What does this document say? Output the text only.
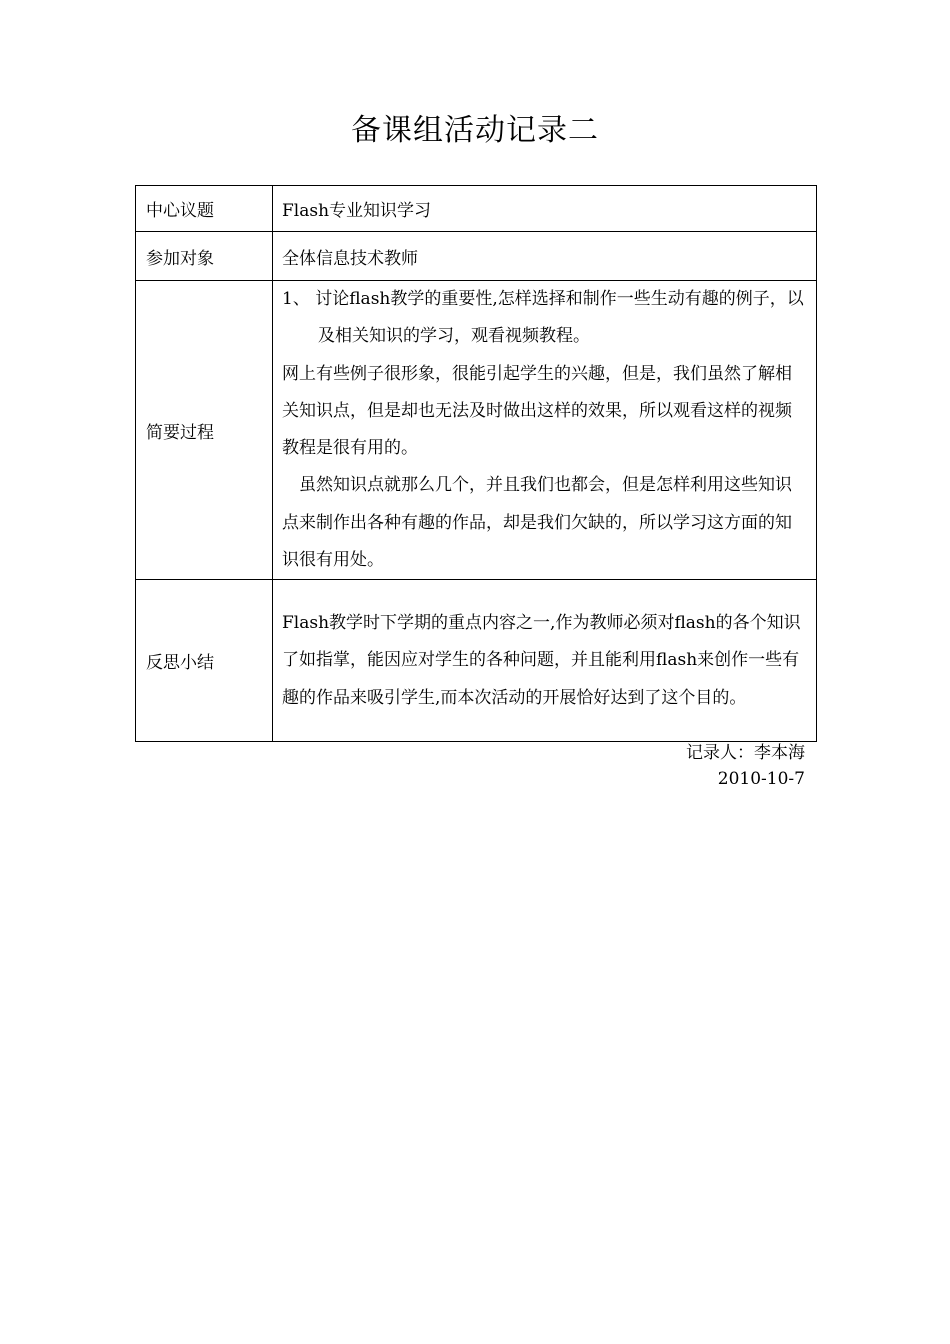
备课组活动记录二
中心议题	Flash专业知识学习
参加对象	全体信息技术教师
简要过程	1、 讨论flash教学的重要性,怎样选择和制作一些生动有趣的例子，以及相关知识的学习，观看视频教程。

网上有些例子很形象，很能引起学生的兴趣，但是，我们虽然了解相关知识点，但是却也无法及时做出这样的效果，所以观看这样的视频教程是很有用的。

虽然知识点就那么几个，并且我们也都会，但是怎样利用这些知识点来制作出各种有趣的作品，却是我们欠缺的，所以学习这方面的知识很有用处。

反思小结	Flash教学时下学期的重点内容之一,作为教师必须对flash的各个知识了如指掌，能因应对学生的各种问题，并且能利用flash来创作一些有趣的作品来吸引学生,而本次活动的开展恰好达到了这个目的。

记录人：李本海
2010-10-7
